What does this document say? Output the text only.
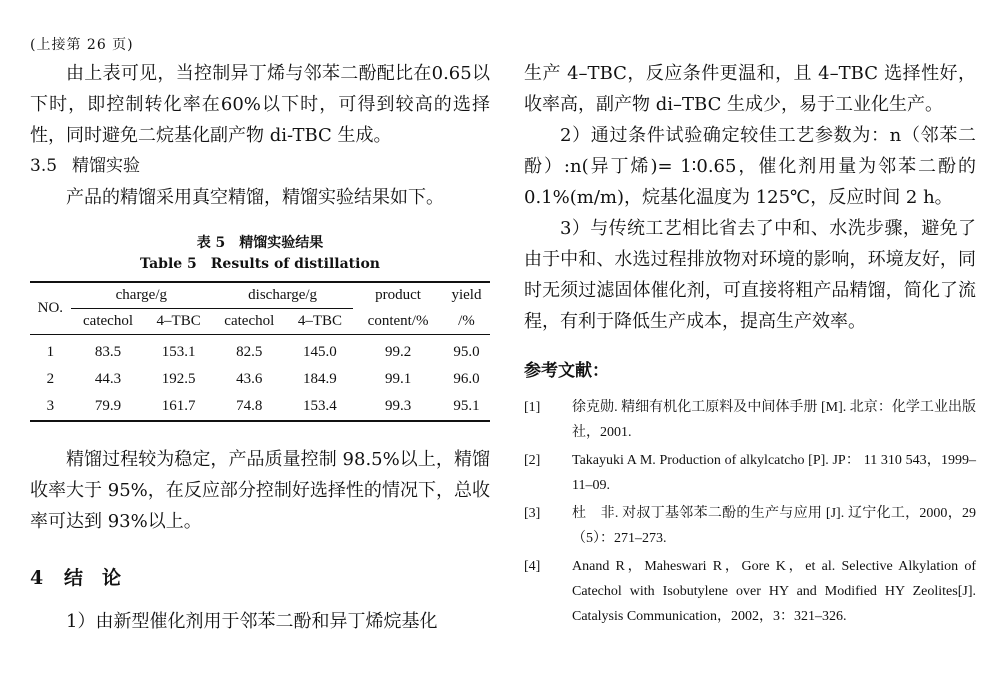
(上接第 26 页)

由上表可见，当控制异丁烯与邻苯二酚配比在0.65以下时，即控制转化率在60%以下时，可得到较高的选择性，同时避免二烷基化副产物 di-TBC 生成。

3.5 精馏实验

产品的精馏采用真空精馏，精馏实验结果如下。

表 5　精馏实验结果
Table 5　Results of distillation
NO.	charge/g		discharge/g		product	yield
	catechol	4–TBC	catechol	4–TBC	content/%	/%
1	83.5	153.1	82.5	145.0	99.2	95.0
2	44.3	192.5	43.6	184.9	99.1	96.0
3	79.9	161.7	74.8	153.4	99.3	95.1

精馏过程较为稳定，产品质量控制 98.5%以上，精馏收率大于 95%，在反应部分控制好选择性的情况下，总收率可达到 93%以上。

4 结　论

1）由新型催化剂用于邻苯二酚和异丁烯烷基化

生产 4–TBC，反应条件更温和，且 4–TBC 选择性好，收率高，副产物 di–TBC 生成少，易于工业化生产。

2）通过条件试验确定较佳工艺参数为：n（邻苯二酚）:n(异丁烯)= 1∶0.65，催化剂用量为邻苯二酚的 0.1%(m/m)，烷基化温度为 125℃，反应时间 2 h。

3）与传统工艺相比省去了中和、水洗步骤，避免了由于中和、水选过程排放物对环境的影响，环境友好，同时无须过滤固体催化剂，可直接将粗产品精馏，简化了流程，有利于降低生产成本，提高生产效率。

参考文献：
[1]	徐克勋. 精细有机化工原料及中间体手册 [M]. 北京：化学工业出版社，2001.
[2]	Takayuki A M. Production of alkylcatcho [P]. JP： 11 310 543，1999–11–09.
[3]	杜　非. 对叔丁基邻苯二酚的生产与应用 [J]. 辽宁化工，2000，29（5）：271–273.
[4]	Anand R，Maheswari R，Gore K，et al. Selective Alkylation of Catechol with Isobutylene over HY and Modified HY Zeolites[J]. Catalysis Communication，2002，3：321–326.
